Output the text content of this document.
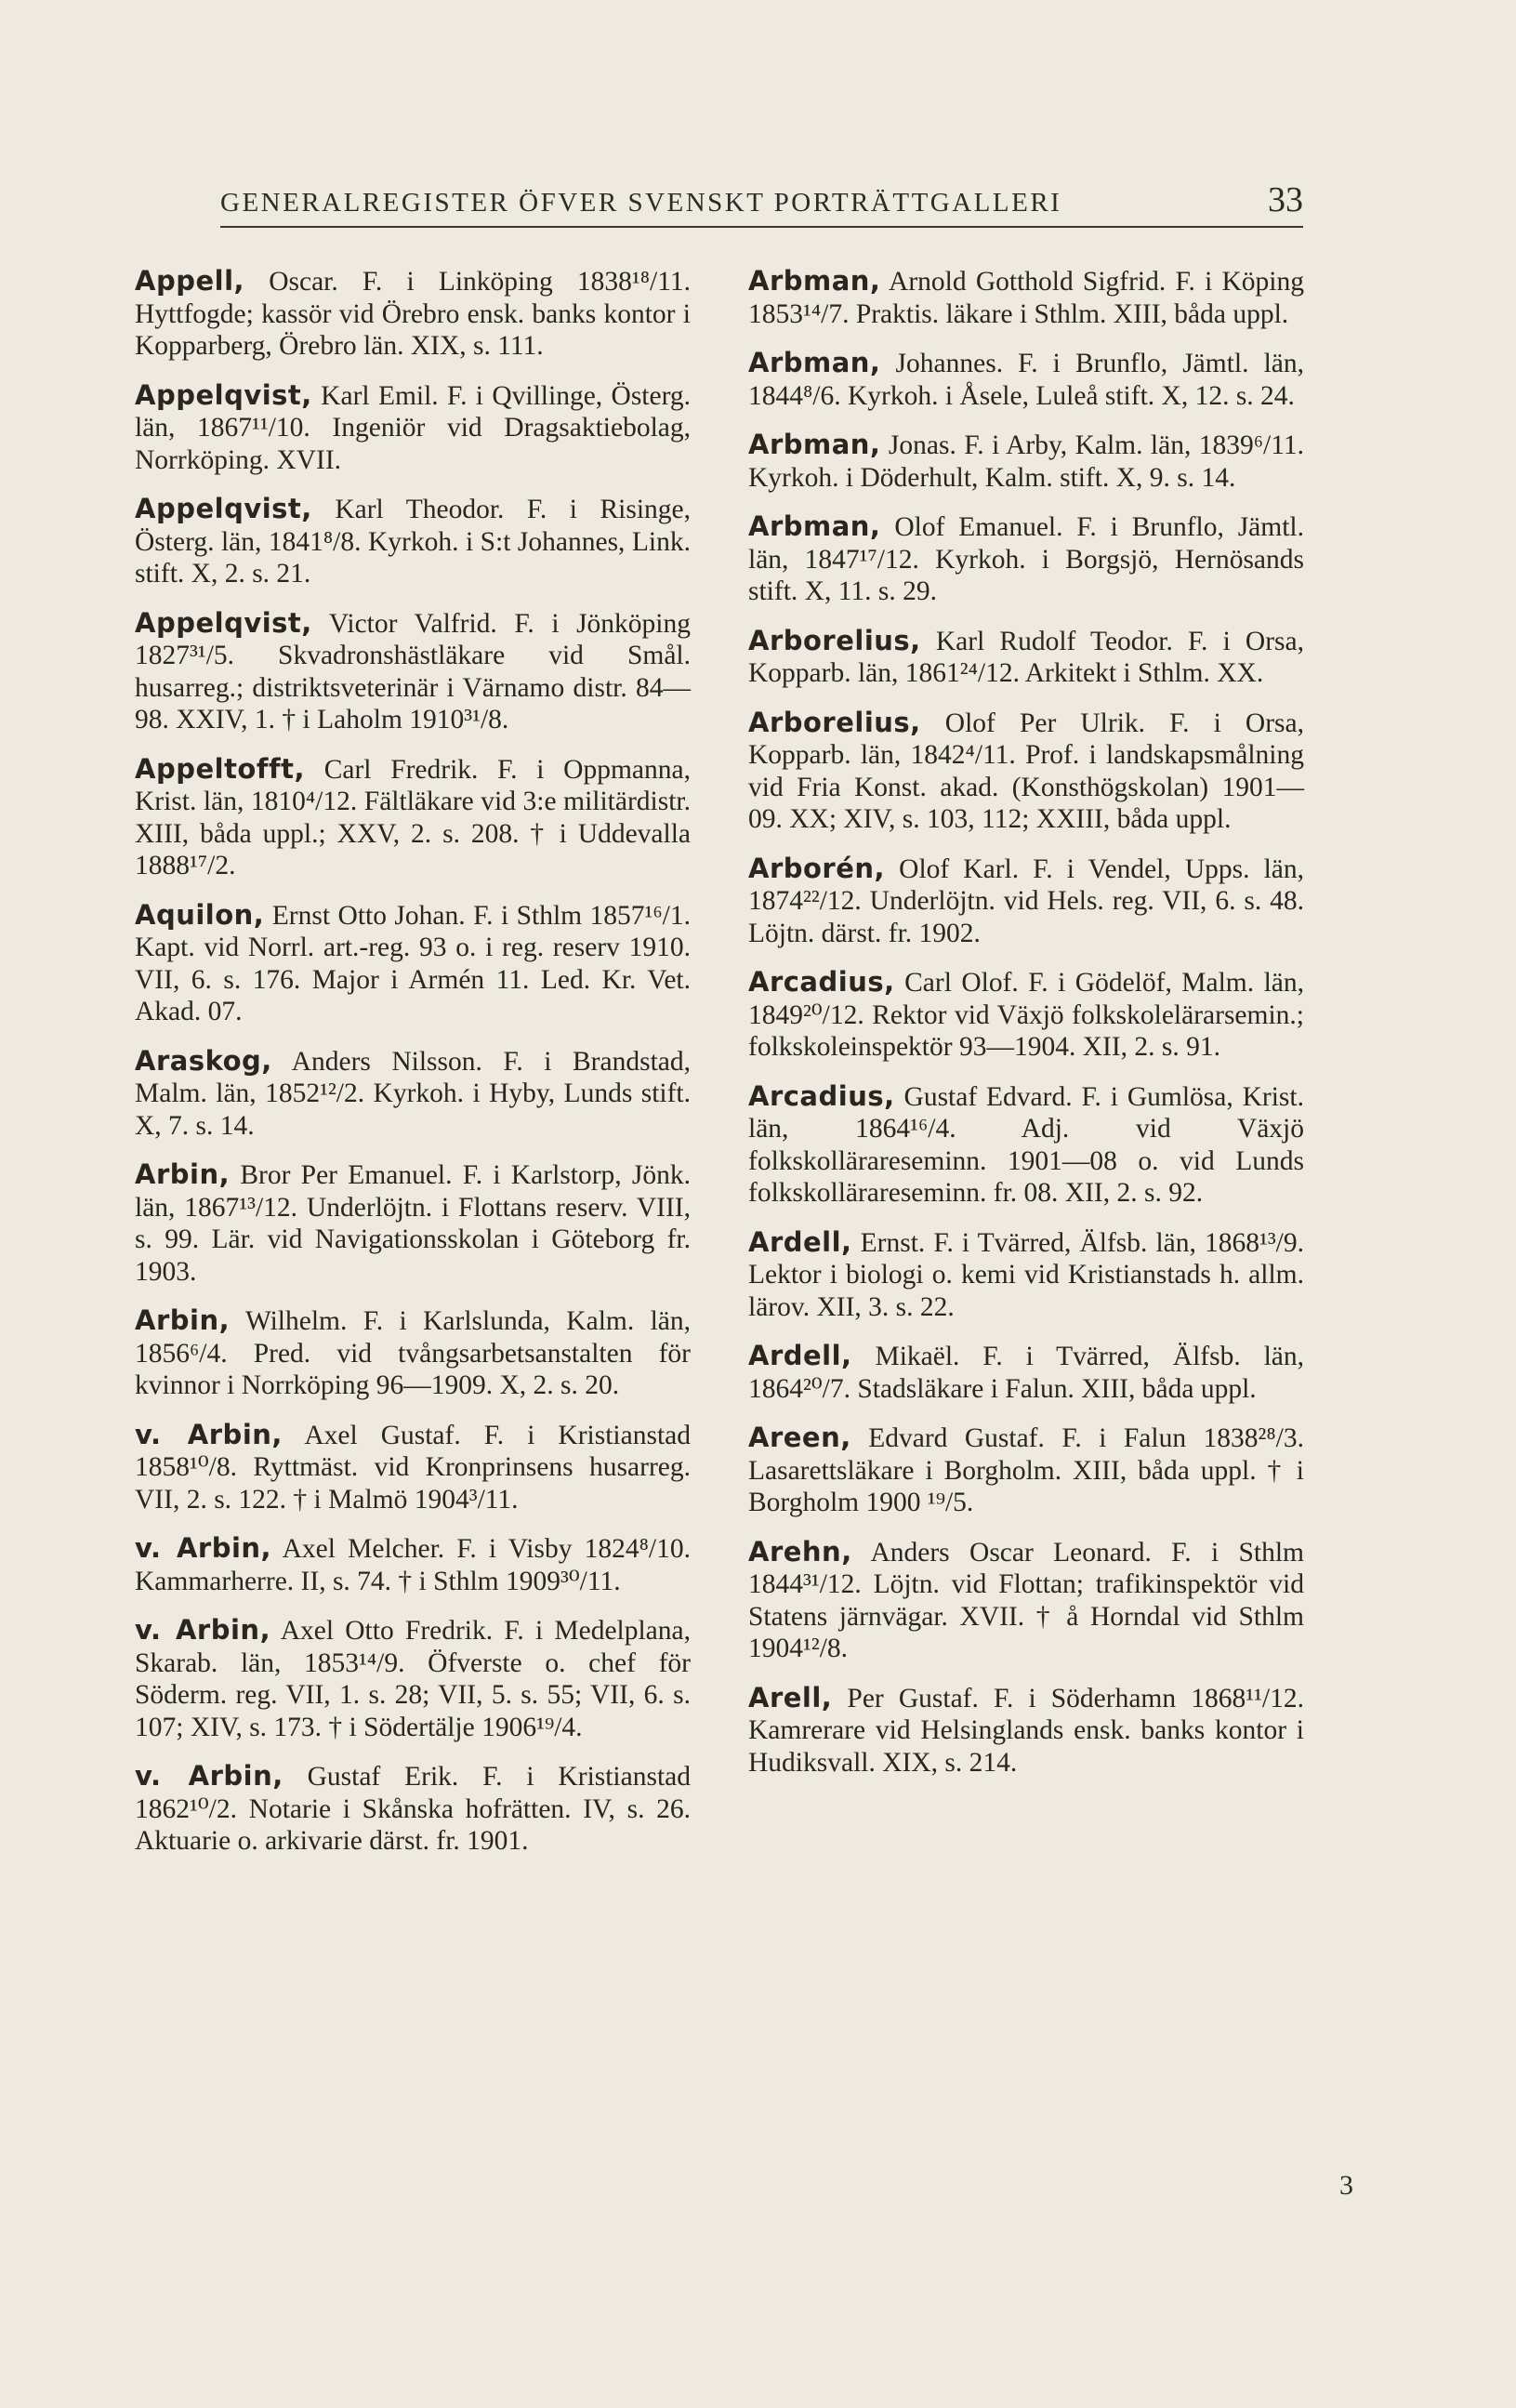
GENERALREGISTER ÖFVER SVENSKT PORTRÄTTGALLERI	33

Appell, Oscar. F. i Linköping 1838¹⁸/11. Hyttfogde; kassör vid Örebro ensk. banks kontor i Kopparberg, Örebro län. XIX, s. 111.

Appelqvist, Karl Emil. F. i Qvillinge, Österg. län, 1867¹¹/10. Ingeniör vid Dragsaktiebolag, Norrköping. XVII.

Appelqvist, Karl Theodor. F. i Risinge, Österg. län, 1841⁸/8. Kyrkoh. i S:t Johannes, Link. stift. X, 2. s. 21.

Appelqvist, Victor Valfrid. F. i Jönköping 1827³¹/5. Skvadronshästläkare vid Smål. husarreg.; distriktsveterinär i Värnamo distr. 84—98. XXIV, 1. † i Laholm 1910³¹/8.

Appeltofft, Carl Fredrik. F. i Oppmanna, Krist. län, 1810⁴/12. Fältläkare vid 3:e militärdistr. XIII, båda uppl.; XXV, 2. s. 208. † i Uddevalla 1888¹⁷/2.

Aquilon, Ernst Otto Johan. F. i Sthlm 1857¹⁶/1. Kapt. vid Norrl. art.-reg. 93 o. i reg. reserv 1910. VII, 6. s. 176. Major i Armén 11. Led. Kr. Vet. Akad. 07.

Araskog, Anders Nilsson. F. i Brandstad, Malm. län, 1852¹²/2. Kyrkoh. i Hyby, Lunds stift. X, 7. s. 14.

Arbin, Bror Per Emanuel. F. i Karlstorp, Jönk. län, 1867¹³/12. Underlöjtn. i Flottans reserv. VIII, s. 99. Lär. vid Navigationsskolan i Göteborg fr. 1903.

Arbin, Wilhelm. F. i Karlslunda, Kalm. län, 1856⁶/4. Pred. vid tvångsarbetsanstalten för kvinnor i Norrköping 96—1909. X, 2. s. 20.

v. Arbin, Axel Gustaf. F. i Kristianstad 1858¹⁰/8. Ryttmäst. vid Kronprinsens husarreg. VII, 2. s. 122. † i Malmö 1904³/11.

v. Arbin, Axel Melcher. F. i Visby 1824⁸/10. Kammarherre. II, s. 74. † i Sthlm 1909³⁰/11.

v. Arbin, Axel Otto Fredrik. F. i Medelplana, Skarab. län, 1853¹⁴/9. Öfverste o. chef för Söderm. reg. VII, 1. s. 28; VII, 5. s. 55; VII, 6. s. 107; XIV, s. 173. † i Södertälje 1906¹⁹/4.

v. Arbin, Gustaf Erik. F. i Kristianstad 1862¹⁰/2. Notarie i Skånska hofrätten. IV, s. 26. Aktuarie o. arkivarie därst. fr. 1901.

Arbman, Arnold Gotthold Sigfrid. F. i Köping 1853¹⁴/7. Praktis. läkare i Sthlm. XIII, båda uppl.

Arbman, Johannes. F. i Brunflo, Jämtl. län, 1844⁸/6. Kyrkoh. i Åsele, Luleå stift. X, 12. s. 24.

Arbman, Jonas. F. i Arby, Kalm. län, 1839⁶/11. Kyrkoh. i Döderhult, Kalm. stift. X, 9. s. 14.

Arbman, Olof Emanuel. F. i Brunflo, Jämtl. län, 1847¹⁷/12. Kyrkoh. i Borgsjö, Hernösands stift. X, 11. s. 29.

Arborelius, Karl Rudolf Teodor. F. i Orsa, Kopparb. län, 1861²⁴/12. Arkitekt i Sthlm. XX.

Arborelius, Olof Per Ulrik. F. i Orsa, Kopparb. län, 1842⁴/11. Prof. i landskapsmålning vid Fria Konst. akad. (Konsthögskolan) 1901—09. XX; XIV, s. 103, 112; XXIII, båda uppl.

Arborén, Olof Karl. F. i Vendel, Upps. län, 1874²²/12. Underlöjtn. vid Hels. reg. VII, 6. s. 48. Löjtn. därst. fr. 1902.

Arcadius, Carl Olof. F. i Gödelöf, Malm. län, 1849²⁰/12. Rektor vid Växjö folkskolelärarsemin.; folkskoleinspektör 93—1904. XII, 2. s. 91.

Arcadius, Gustaf Edvard. F. i Gumlösa, Krist. län, 1864¹⁶/4. Adj. vid Växjö folkskollärareseminn. 1901—08 o. vid Lunds folkskollärareseminn. fr. 08. XII, 2. s. 92.

Ardell, Ernst. F. i Tvärred, Älfsb. län, 1868¹³/9. Lektor i biologi o. kemi vid Kristianstads h. allm. lärov. XII, 3. s. 22.

Ardell, Mikaël. F. i Tvärred, Älfsb. län, 1864²⁰/7. Stadsläkare i Falun. XIII, båda uppl.

Areen, Edvard Gustaf. F. i Falun 1838²⁸/3. Lasarettsläkare i Borgholm. XIII, båda uppl. † i Borgholm 1900 ¹⁹/5.

Arehn, Anders Oscar Leonard. F. i Sthlm 1844³¹/12. Löjtn. vid Flottan; trafikinspektör vid Statens järnvägar. XVII. † å Horndal vid Sthlm 1904¹²/8.

Arell, Per Gustaf. F. i Söderhamn 1868¹¹/12. Kamrerare vid Helsinglands ensk. banks kontor i Hudiksvall. XIX, s. 214.

3
